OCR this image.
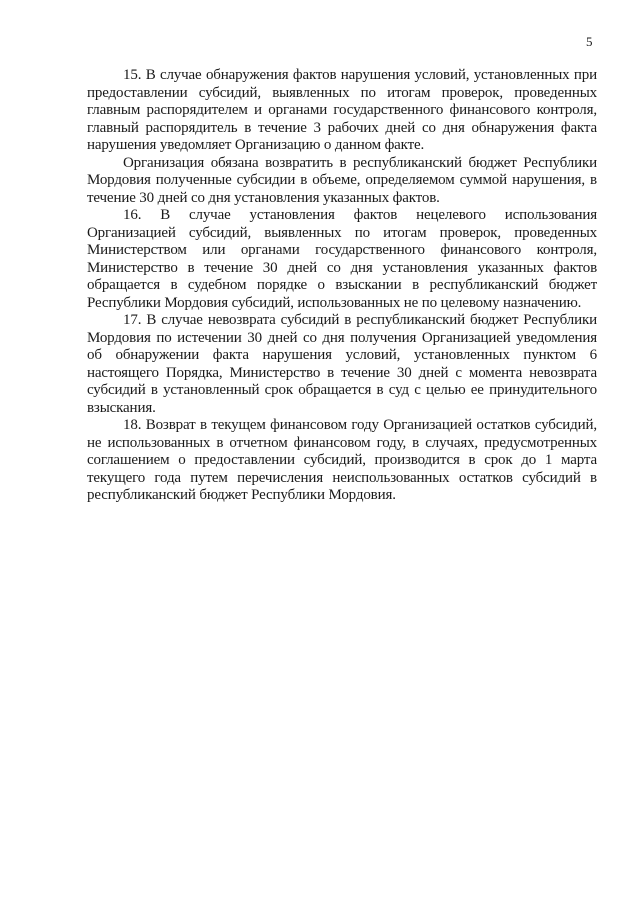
5

15. В случае обнаружения фактов нарушения условий, установленных при предоставлении субсидий, выявленных по итогам проверок, проведенных главным распорядителем и органами государственного финансового контроля, главный распорядитель в течение 3 рабочих дней со дня обнаружения факта нарушения уведомляет Организацию о данном факте.

Организация обязана возвратить в республиканский бюджет Республики Мордовия полученные субсидии в объеме, определяемом суммой нарушения, в течение 30 дней со дня установления указанных фактов.

16. В случае установления фактов нецелевого использования Организацией субсидий, выявленных по итогам проверок, проведенных Министерством или органами государственного финансового контроля, Министерство в течение 30 дней со дня установления указанных фактов обращается в судебном порядке о взыскании в республиканский бюджет Республики Мордовия субсидий, использованных не по целевому назначению.

17. В случае невозврата субсидий в республиканский бюджет Республики Мордовия по истечении 30 дней со дня получения Организацией уведомления об обнаружении факта нарушения условий, установленных пунктом 6 настоящего Порядка, Министерство в течение 30 дней с момента невозврата субсидий в установленный срок обращается в суд с целью ее принудительного взыскания.

18. Возврат в текущем финансовом году Организацией остатков субсидий, не использованных в отчетном финансовом году, в случаях, предусмотренных соглашением о предоставлении субсидий, производится в срок до 1 марта текущего года путем перечисления неиспользованных остатков субсидий в республиканский бюджет Республики Мордовия.
